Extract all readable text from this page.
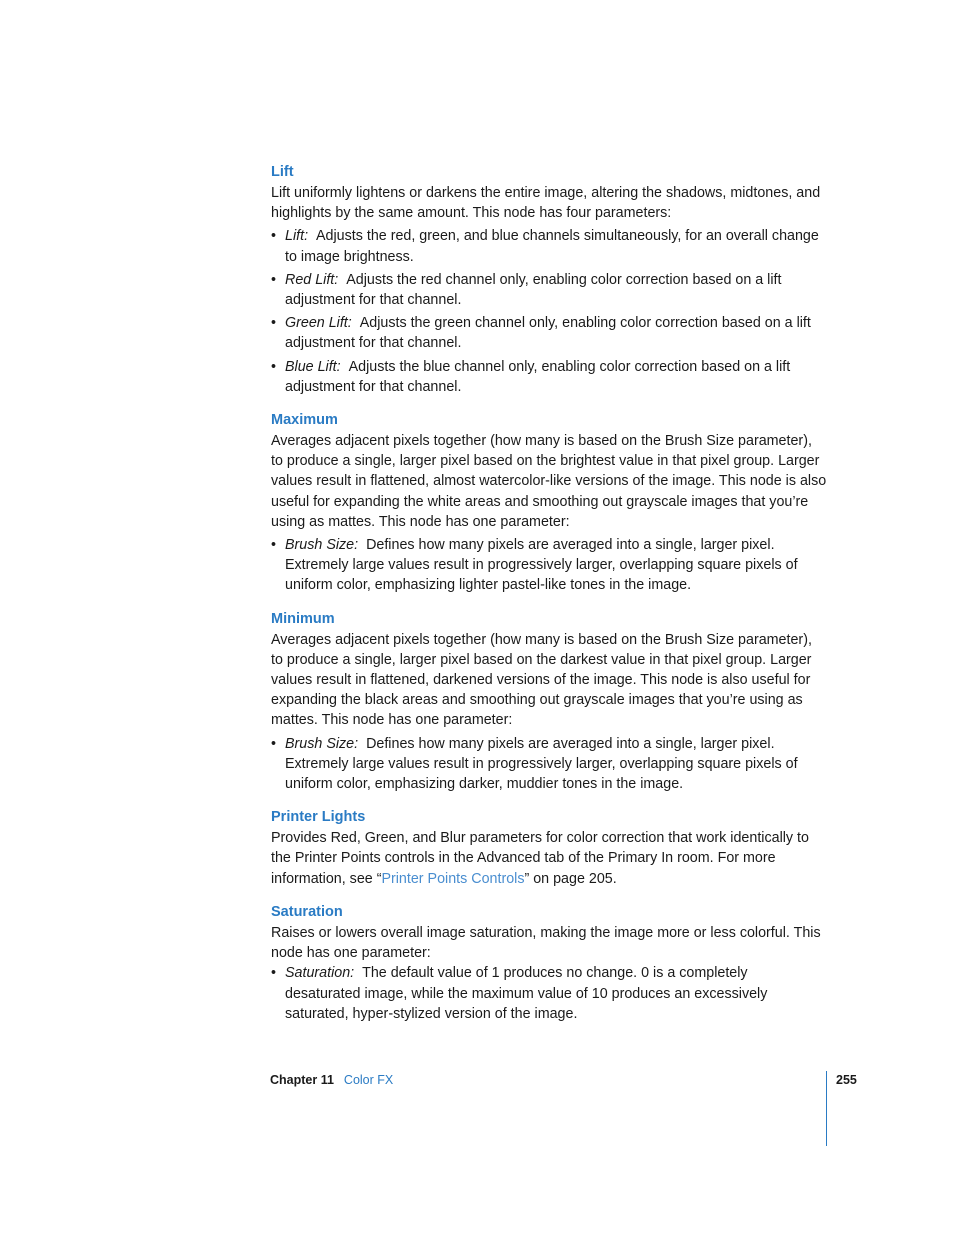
Lift

Lift uniformly lightens or darkens the entire image, altering the shadows, midtones, and highlights by the same amount. This node has four parameters:

• Lift: Adjusts the red, green, and blue channels simultaneously, for an overall change to image brightness.
• Red Lift: Adjusts the red channel only, enabling color correction based on a lift adjustment for that channel.
• Green Lift: Adjusts the green channel only, enabling color correction based on a lift adjustment for that channel.
• Blue Lift: Adjusts the blue channel only, enabling color correction based on a lift adjustment for that channel.
Maximum

Averages adjacent pixels together (how many is based on the Brush Size parameter), to produce a single, larger pixel based on the brightest value in that pixel group. Larger values result in flattened, almost watercolor-like versions of the image. This node is also useful for expanding the white areas and smoothing out grayscale images that you’re using as mattes. This node has one parameter:

• Brush Size: Defines how many pixels are averaged into a single, larger pixel. Extremely large values result in progressively larger, overlapping square pixels of uniform color, emphasizing lighter pastel-like tones in the image.
Minimum

Averages adjacent pixels together (how many is based on the Brush Size parameter), to produce a single, larger pixel based on the darkest value in that pixel group. Larger values result in flattened, darkened versions of the image. This node is also useful for expanding the black areas and smoothing out grayscale images that you’re using as mattes. This node has one parameter:

• Brush Size: Defines how many pixels are averaged into a single, larger pixel. Extremely large values result in progressively larger, overlapping square pixels of uniform color, emphasizing darker, muddier tones in the image.
Printer Lights

Provides Red, Green, and Blur parameters for color correction that work identically to the Printer Points controls in the Advanced tab of the Primary In room. For more information, see “Printer Points Controls” on page 205.

Saturation

Raises or lowers overall image saturation, making the image more or less colorful. This node has one parameter:

• Saturation: The default value of 1 produces no change. 0 is a completely desaturated image, while the maximum value of 10 produces an excessively saturated, hyper-stylized version of the image.
Chapter 11 Color FX	255
